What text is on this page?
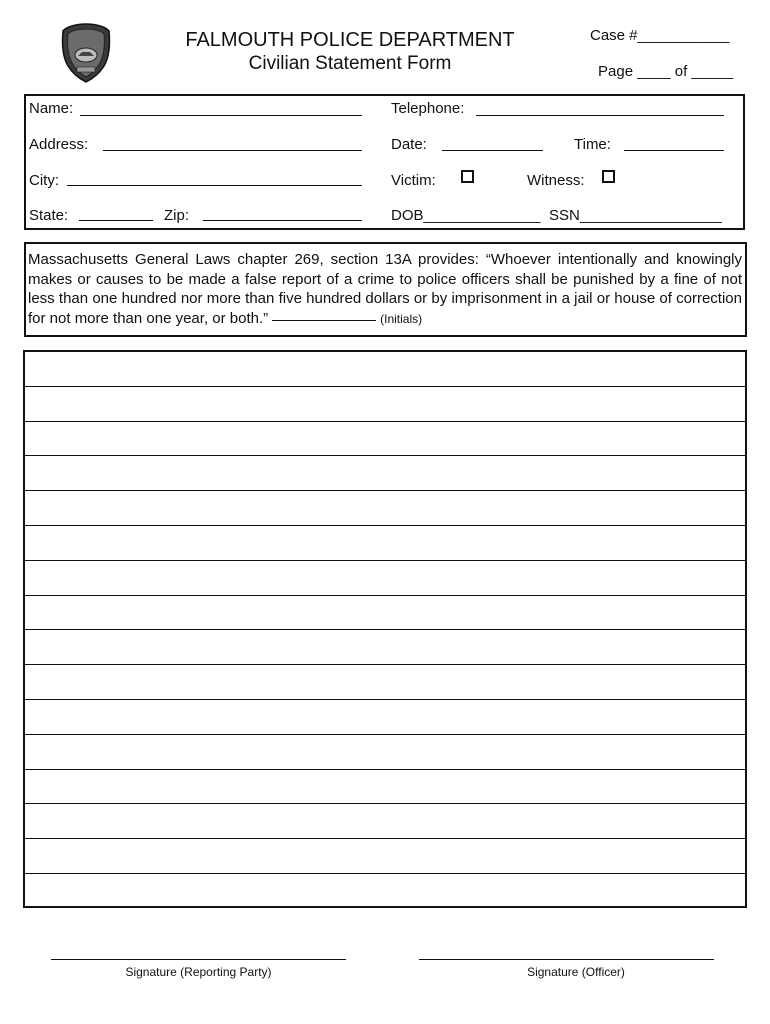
FALMOUTH POLICE DEPARTMENT
Civilian Statement Form
Case #___________
Page ____ of _____
Name:	Telephone:
Address:	Date:	Time:
City:	Victim:	Witness:
State:	Zip:	DOB______________ SSN_________________
Massachusetts General Laws chapter 269, section 13A provides: “Whoever intentionally and knowingly makes or causes to be made a false report of a crime to police officers shall be punished by a fine of not less than one hundred nor more than five hundred dollars or by imprisonment in a jail or house of correction for not more than one year, or both.”	(Initials)
Signature (Reporting Party)	Signature (Officer)
